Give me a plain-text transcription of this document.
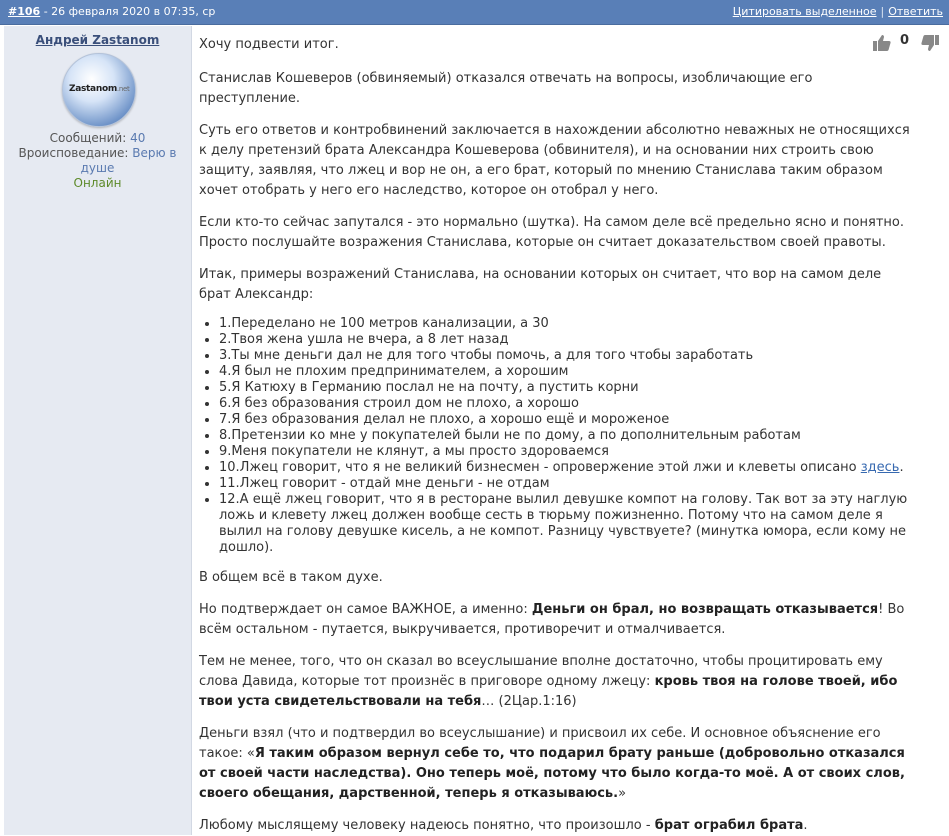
#106 - 26 февраля 2020 в 07:35, ср	Цитировать выделенное | Ответить
Андрей Zastanom
Zastanom.net
Сообщений: 40
Вроисповедание: Верю в душе
Онлайн
0

Хочу подвести итог.

Станислав Кошеверов (обвиняемый) отказался отвечать на вопросы, изобличающие его преступление.

Суть его ответов и контробвинений заключается в нахождении абсолютно неважных не относящихся к делу претензий брата Александра Кошеверова (обвинителя), и на основании них строить свою защиту, заявляя, что лжец и вор не он, а его брат, который по мнению Станислава таким образом хочет отобрать у него его наследство, которое он отобрал у него.

Если кто-то сейчас запутался - это нормально (шутка). На самом деле всё предельно ясно и понятно. Просто послушайте возражения Станислава, которые он считает доказательством своей правоты.

Итак, примеры возражений Станислава, на основании которых он считает, что вор на самом деле брат Александр:

• 1.Переделано не 100 метров канализации, а 30
• 2.Твоя жена ушла не вчера, а 8 лет назад
• 3.Ты мне деньги дал не для того чтобы помочь, а для того чтобы заработать
• 4.Я был не плохим предпринимателем, а хорошим
• 5.Я Катюху в Германию послал не на почту, а пустить корни
• 6.Я без образования строил дом не плохо, а хорошо
• 7.Я без образования делал не плохо, а хорошо ещё и мороженое
• 8.Претензии ко мне у покупателей были не по дому, а по дополнительным работам
• 9.Меня покупатели не клянут, а мы просто здороваемся
• 10.Лжец говорит, что я не великий бизнесмен - опровержение этой лжи и клеветы описано здесь.
• 11.Лжец говорит - отдай мне деньги - не отдам
• 12.А ещё лжец говорит, что я в ресторане вылил девушке компот на голову. Так вот за эту наглую ложь и клевету лжец должен вообще сесть в тюрьму пожизненно. Потому что на самом деле я вылил на голову девушке кисель, а не компот. Разницу чувствуете? (минутка юмора, если кому не дошло).

В общем всё в таком духе.

Но подтверждает он самое ВАЖНОЕ, а именно: Деньги он брал, но возвращать отказывается! Во всём остальном - путается, выкручивается, противоречит и отмалчивается.

Тем не менее, того, что он сказал во всеуслышание вполне достаточно, чтобы процитировать ему слова Давида, которые тот произнёс в приговоре одному лжецу: кровь твоя на голове твоей, ибо твои уста свидетельствовали на тебя… (2Цар.1:16)

Деньги взял (что и подтвердил во всеуслышание) и присвоил их себе. И основное объяснение его такое: «Я таким образом вернул себе то, что подарил брату раньше (добровольно отказался от своей части наследства). Оно теперь моё, потому что было когда-то моё. А от своих слов, своего обещания, дарственной, теперь я отказываюсь.»

Любому мыслящему человеку надеюсь понятно, что произошло - брат ограбил брата.
